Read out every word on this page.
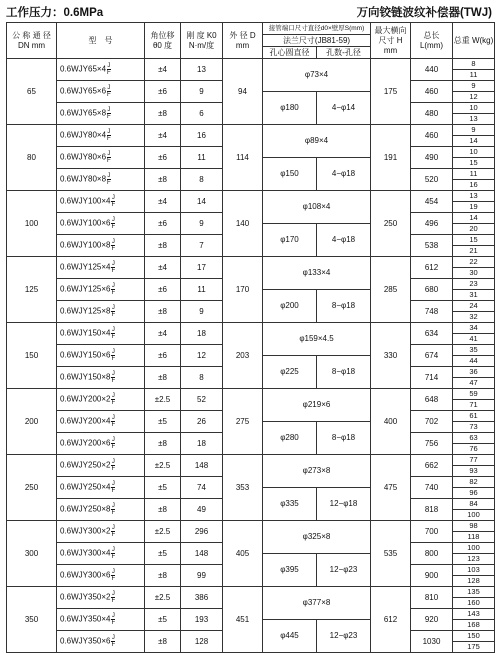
工作压力：0.6MPa	万向铰链波纹补偿器(TWJ)
公 称 通 径 DN mm	型　号	角位移 θ0 度	刚 度 K0 N·m/度	外 径 D mm	接管端口尺寸直径d0×壁厚S(mm)		最大横向尺寸 H mm	总长 L(mm)	总重 W(kg)
					法兰尺寸(JB81-59)				
					孔心圆直径	孔数-孔径			
65	$0.6WJY65\times 4 \frac{J}{F}$	±4	13	94	φ73×4		175	440	8
									11
	$0.6WJY65\times 6 \frac{J}{F}$	±6	9					460	9
					φ180	4−φ14			12
	$0.6WJY65\times 8 \frac{J}{F}$	±8	6					480	10
									13
80	$0.6WJY80\times 4 \frac{J}{F}$	±4	16	114	φ89×4		191	460	9
									14
	$0.6WJY80\times 6 \frac{J}{F}$	±6	11					490	10
					φ150	4−φ18			15
	$0.6WJY80\times 8 \frac{J}{F}$	±8	8					520	11
									16
100	$0.6WJY100\times 4 \frac{J}{F}$	±4	14	140	φ108×4		250	454	13
									19
	$0.6WJY100\times 6 \frac{J}{F}$	±6	9					496	14
					φ170	4−φ18			20
	$0.6WJY100\times 8 \frac{J}{F}$	±8	7					538	15
									21
125	$0.6WJY125\times 4 \frac{J}{F}$	±4	17	170	φ133×4		285	612	22
									30
	$0.6WJY125\times 6 \frac{J}{F}$	±6	11					680	23
					φ200	8−φ18			31
	$0.6WJY125\times 8 \frac{J}{F}$	±8	9					748	24
									32
150	$0.6WJY150\times 4 \frac{J}{F}$	±4	18	203	φ159×4.5		330	634	34
									41
	$0.6WJY150\times 6 \frac{J}{F}$	±6	12					674	35
					φ225	8−φ18			44
	$0.6WJY150\times 8 \frac{J}{F}$	±8	8					714	36
									47
200	$0.6WJY200\times 2 \frac{J}{F}$	±2.5	52	275	φ219×6		400	648	59
									71
	$0.6WJY200\times 4 \frac{J}{F}$	±5	26					702	61
					φ280	8−φ18			73
	$0.6WJY200\times 6 \frac{J}{F}$	±8	18					756	63
									76
250	$0.6WJY250\times 2 \frac{J}{F}$	±2.5	148	353	φ273×8		475	662	77
									93
	$0.6WJY250\times 4 \frac{J}{F}$	±5	74					740	82
					φ335	12−φ18			96
	$0.6WJY250\times 8 \frac{J}{F}$	±8	49					818	84
									100
300	$0.6WJY300\times 2 \frac{J}{F}$	±2.5	296	405	φ325×8		535	700	98
									118
	$0.6WJY300\times 4 \frac{J}{F}$	±5	148					800	100
					φ395	12−φ23			123
	$0.6WJY300\times 6 \frac{J}{F}$	±8	99					900	103
									128
350	$0.6WJY350\times 2 \frac{J}{F}$	±2.5	386	451	φ377×8		612	810	135
									160
	$0.6WJY350\times 4 \frac{J}{F}$	±5	193					920	143
					φ445	12−φ23			168
	$0.6WJY350\times 6 \frac{J}{F}$	±8	128					1030	150
									175
